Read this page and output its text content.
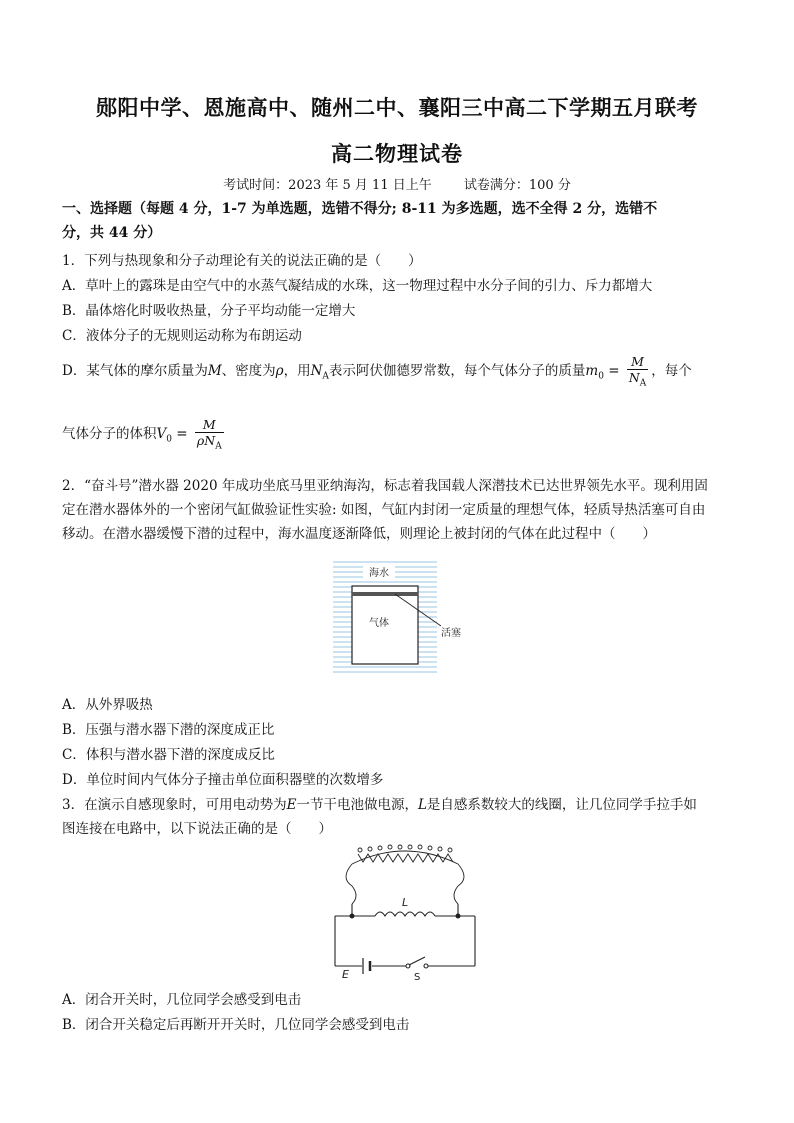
郧阳中学、恩施高中、随州二中、襄阳三中高二下学期五月联考
高二物理试卷
考试时间：2023 年 5 月 11 日上午 试卷满分：100 分
一、选择题（每题 4 分，1-7 为单选题，选错不得分; 8-11 为多选题，选不全得 2 分，选错不
分，共 44 分）
1．下列与热现象和分子动理论有关的说法正确的是（　　）
A．草叶上的露珠是由空气中的水蒸气凝结成的水珠，这一物理过程中水分子间的引力、斥力都增大
B．晶体熔化时吸收热量，分子平均动能一定增大
C．液体分子的无规则运动称为布朗运动
D．某气体的摩尔质量为M、密度为ρ，用$N_A$表示阿伏伽德罗常数，每个气体分子的质量$m_0 = \frac{M}{N_A}$ ，每个
气体分子的体积$V_0 = \frac{M}{\rho N_A}$
2．“奋斗号”潜水器 2020 年成功坐底马里亚纳海沟，标志着我国载人深潜技术已达世界领先水平。现利用固
定在潜水器体外的一个密闭气缸做验证性实验: 如图，气缸内封闭一定质量的理想气体，轻质导热活塞可自由
移动。在潜水器缓慢下潜的过程中，海水温度逐渐降低，则理论上被封闭的气体在此过程中（　　）
海水
气体
活塞
A．从外界吸热
B．压强与潜水器下潜的深度成正比
C．体积与潜水器下潜的深度成反比
D．单位时间内气体分子撞击单位面积器壁的次数增多
3．在演示自感现象时，可用电动势为E一节干电池做电源，L是自感系数较大的线圈，让几位同学手拉手如
图连接在电路中，以下说法正确的是（　　）
L
E	S
A．闭合开关时，几位同学会感受到电击
B．闭合开关稳定后再断开开关时，几位同学会感受到电击
